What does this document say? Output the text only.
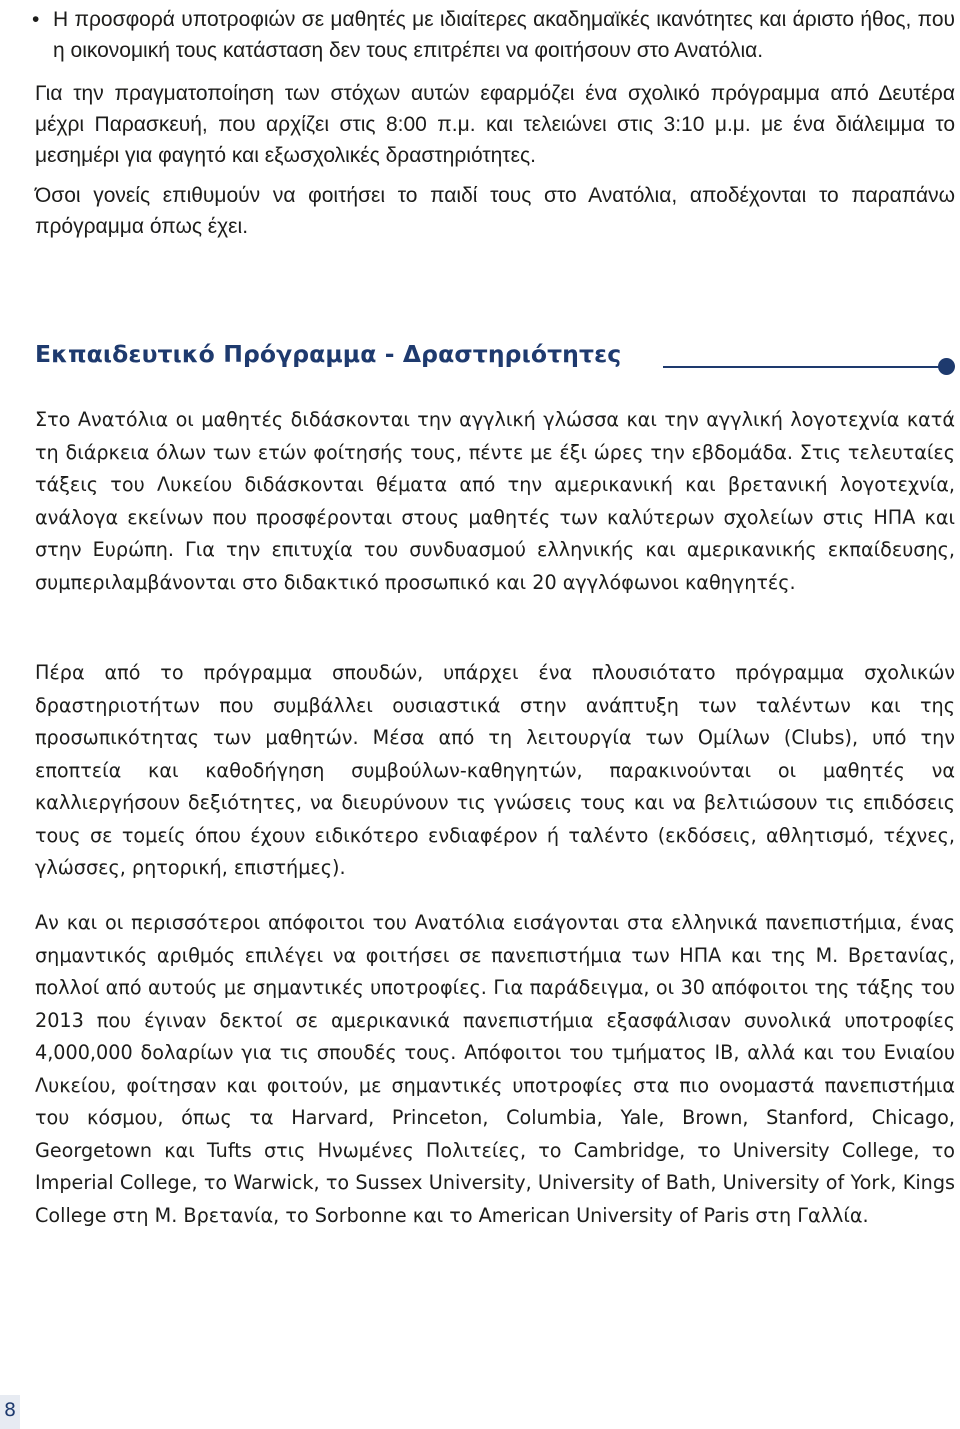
• Η προσφορά υποτροφιών σε μαθητές με ιδιαίτερες ακαδημαϊκές ικανότητες και άριστο ήθος, που η οικονομική τους κατάσταση δεν τους επιτρέπει να φοιτήσουν στο Ανατόλια.

Για την πραγματοποίηση των στόχων αυτών εφαρμόζει ένα σχολικό πρόγραμμα από Δευτέρα μέχρι Παρασκευή, που αρχίζει στις 8:00 π.μ. και τελειώνει στις 3:10 μ.μ. με ένα διάλειμμα το μεσημέρι για φαγητό και εξωσχολικές δραστηριότητες.

Όσοι γονείς επιθυμούν να φοιτήσει το παιδί τους στο Ανατόλια, αποδέχονται το παραπάνω πρόγραμμα όπως έχει.

Εκπαιδευτικό Πρόγραμμα - Δραστηριότητες

Στο Ανατόλια οι μαθητές διδάσκονται την αγγλική γλώσσα και την αγγλική λογοτεχνία κατά τη διάρκεια όλων των ετών φοίτησής τους, πέντε με έξι ώρες την εβδομάδα. Στις τελευταίες τάξεις του Λυκείου διδάσκονται θέματα από την αμερικανική και βρετανική λογοτεχνία, ανάλογα εκείνων που προσφέρονται στους μαθητές των καλύτερων σχολείων στις ΗΠΑ και στην Ευρώπη. Για την επιτυχία του συνδυασμού ελληνικής και αμερικανικής εκπαίδευσης, συμπεριλαμβάνονται στο διδακτικό προσωπικό και 20 αγγλόφωνοι καθηγητές.

Πέρα από το πρόγραμμα σπουδών, υπάρχει ένα πλουσιότατο πρόγραμμα σχολικών δραστηριοτήτων που συμβάλλει ουσιαστικά στην ανάπτυξη των ταλέντων και της προσωπικότητας των μαθητών. Μέσα από τη λειτουργία των Ομίλων (Clubs), υπό την εποπτεία και καθοδήγηση συμβούλων-καθηγητών, παρακινούνται οι μαθητές να καλλιεργήσουν δεξιότητες, να διευρύνουν τις γνώσεις τους και να βελτιώσουν τις επιδόσεις τους σε τομείς όπου έχουν ειδικότερο ενδιαφέρον ή ταλέντο (εκδόσεις, αθλητισμό, τέχνες, γλώσσες, ρητορική, επιστήμες).

Αν και οι περισσότεροι απόφοιτοι του Ανατόλια εισάγονται στα ελληνικά πανεπιστήμια, ένας σημαντικός αριθμός επιλέγει να φοιτήσει σε πανεπιστήμια των ΗΠΑ και της Μ. Βρετανίας, πολλοί από αυτούς με σημαντικές υποτροφίες. Για παράδειγμα, οι 30 απόφοιτοι της τάξης του 2013 που έγιναν δεκτοί σε αμερικανικά πανεπιστήμια εξασφάλισαν συνολικά υποτροφίες 4,000,000 δολαρίων για τις σπουδές τους. Απόφοιτοι του τμήματος IB, αλλά και του Ενιαίου Λυκείου, φοίτησαν και φοιτούν, με σημαντικές υποτροφίες στα πιο ονομαστά πανεπιστήμια του κόσμου, όπως τα Harvard, Princeton, Columbia, Yale, Brown, Stanford, Chicago, Georgetown και Tufts στις Ηνωμένες Πολιτείες, το Cambridge, το University College, το Imperial College, το Warwick, το Sussex University, University of Bath, University of York, Kings College στη Μ. Βρετανία, το Sorbonne και το American University of Paris στη Γαλλία.

8
